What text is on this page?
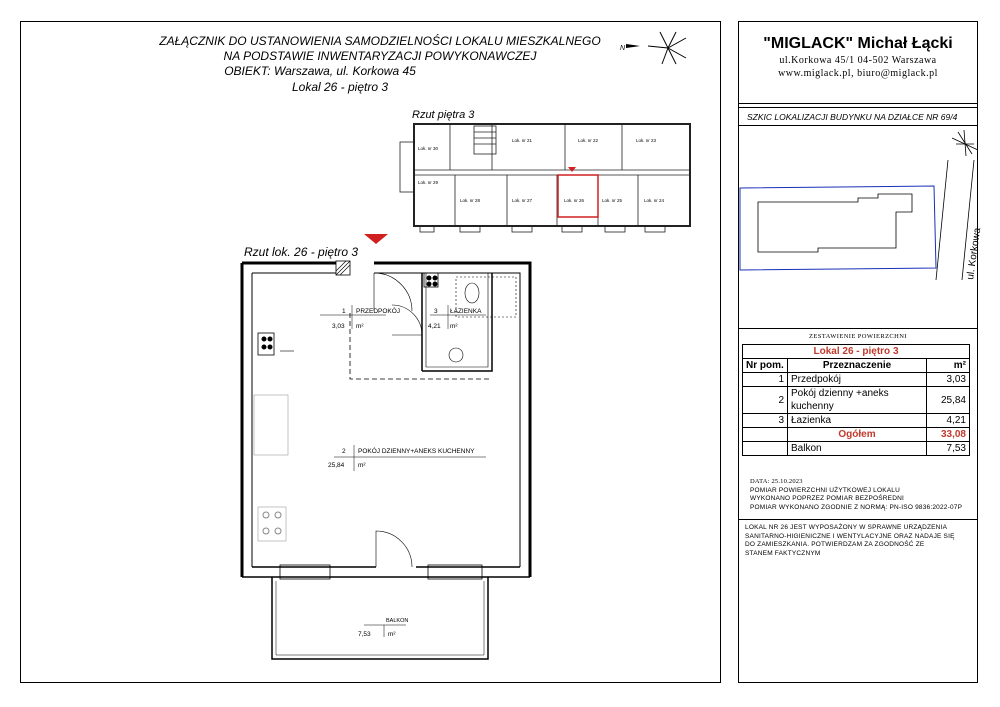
ZAŁĄCZNIK DO USTANOWIENIA SAMODZIELNOŚCI LOKALU MIESZKALNEGO
NA PODSTAWIE INWENTARYZACJI POWYKONAWCZEJ
OBIEKT: Warszawa, ul. Korkowa 45
Lokal 26 - piętro 3
N
Rzut piętra 3
Lok. nr 30
Lok. nr 21	Lok. nr 22	Lok. nr 23
Lok. nr 29
Lok. nr 28	Lok. nr 27	Lok. nr 26	Lok. nr 25	Lok. nr 24
Rzut lok. 26 - piętro 3
1 PRZEDPOKÓJ
3,03 m²
3 ŁAZIENKA
4,21 m²
2 POKÓJ DZIENNY+ANEKS KUCHENNY
25,84 m²
BALKON
7,53	m²
"MIGLACK" Michał Łącki
ul.Korkowa 45/1 04-502 Warszawa
www.miglack.pl, biuro@miglack.pl
SZKIC LOKALIZACJI BUDYNKU NA DZIAŁCE NR 69/4
ul. Korkowa
ZESTAWIENIE POWIERZCHNI
Lokal 26 - piętro 3		
Nr pom.	Przeznaczenie	m²
1	Przedpokój	3,03
2	Pokój dzienny +aneks kuchenny	25,84
3	Łazienka	4,21
	Ogółem	33,08
	Balkon	7,53
DATA: 25.10.2023
POMIAR POWIERZCHNI UŻYTKOWEJ LOKALU
WYKONANO POPRZEZ POMIAR BEZPOŚREDNI
POMIAR WYKONANO ZGODNIE Z NORMĄ: PN-ISO 9836:2022-07P
LOKAL NR 26 JEST WYPOSAŻONY W SPRAWNE URZĄDZENIA
SANITARNO-HIGIENICZNE I WENTYLACYJNE ORAZ NADAJE SIĘ
DO ZAMIESZKANIA. POTWIERDZAM ZA ZGODNOŚĆ ZE
STANEM FAKTYCZNYM
